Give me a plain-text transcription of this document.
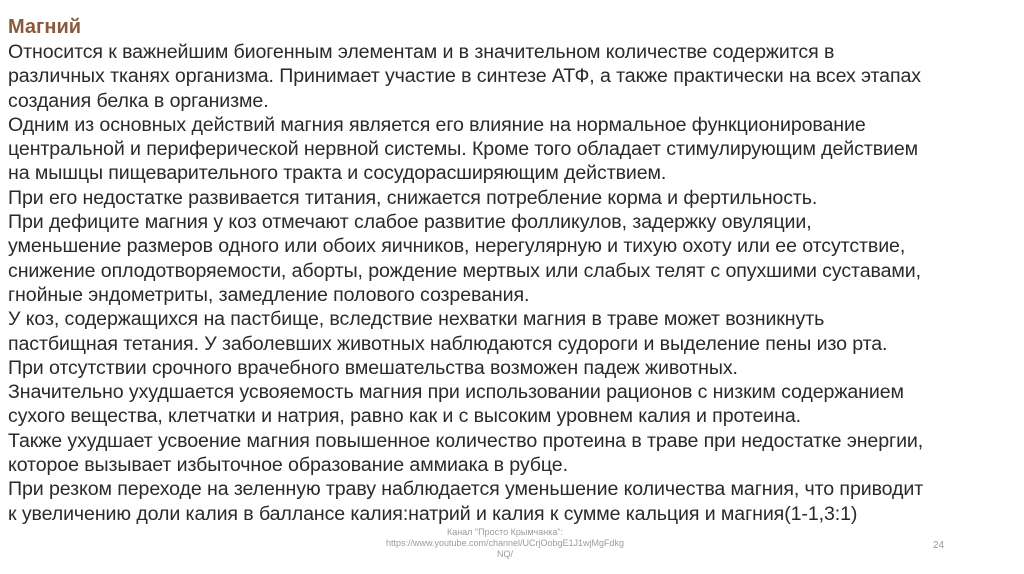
Магний
Относится к важнейшим биогенным элементам и в значительном количестве содержится в
различных тканях организма. Принимает участие в синтезе АТФ, а также практически на всех этапах
создания белка в организме.
Одним из основных действий магния является его влияние на нормальное функционирование
центральной и периферической нервной системы. Кроме того обладает стимулирующим действием
на мышцы пищеварительного тракта и сосудорасширяющим действием.
При его недостатке развивается титания, снижается потребление корма и фертильность.
При дефиците магния у коз отмечают слабое развитие фолликулов, задержку овуляции,
уменьшение размеров одного или обоих яичников, нерегулярную и тихую охоту или ее отсутствие,
снижение оплодотворяемости, аборты, рождение мертвых или слабых телят с опухшими суставами,
гнойные эндометриты, замедление полового созревания.
У коз, содержащихся на пастбище, вследствие нехватки магния в траве может возникнуть
пастбищная тетания. У заболевших животных наблюдаются судороги и выделение пены изо рта.
При отсутствии срочного врачебного вмешательства возможен падеж животных.
Значительно ухудшается усвояемость магния при использовании рационов с низким содержанием
сухого вещества, клетчатки и натрия, равно как и с высоким уровнем калия и протеина.
Также ухудшает усвоение магния повышенное количество протеина в траве при недостатке энергии,
которое вызывает избыточное образование аммиака в рубце.
При резком переходе на зеленную траву наблюдается уменьшение количества магния, что приводит
к увеличению доли калия в баллансе калия:натрий и калия к сумме кальция и магния(1-1,3:1)
Канал "Просто Крымчанка":
https://www.youtube.com/channel/UCrjOobgE1J1wjMgFdkg
NQ/
24
